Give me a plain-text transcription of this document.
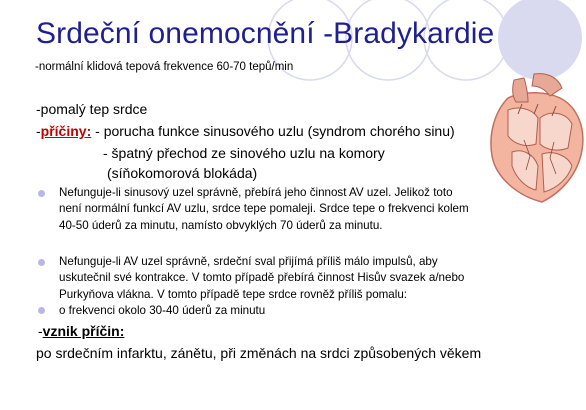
Srdeční onemocnění -Bradykardie
-normální klidová tepová frekvence 60-70 tepů/min
-pomalý tep srdce
-příčiny: - porucha funkce sinusového uzlu (syndrom chorého sinu)
- špatný přechod ze sinového uzlu na komory
(síňokomorová blokáda)
Nefunguje-li sinusový uzel správně, přebírá jeho činnost AV uzel. Jelikož toto
není normální funkcí AV uzlu, srdce tepe pomaleji. Srdce tepe o frekvenci kolem
40-50 úderů za minutu, namísto obvyklých 70 úderů za minutu.
Nefunguje-li AV uzel správně, srdeční sval přijímá příliš málo impulsů, aby
uskutečnil své kontrakce. V tomto případě přebírá činnost Hisův svazek a/nebo
Purkyňova vlákna. V tomto případě tepe srdce rovněž příliš pomalu:
o frekvenci okolo 30-40 úderů za minutu
-vznik příčin:
po srdečním infarktu, zánětu, při změnách na srdci způsobených věkem
